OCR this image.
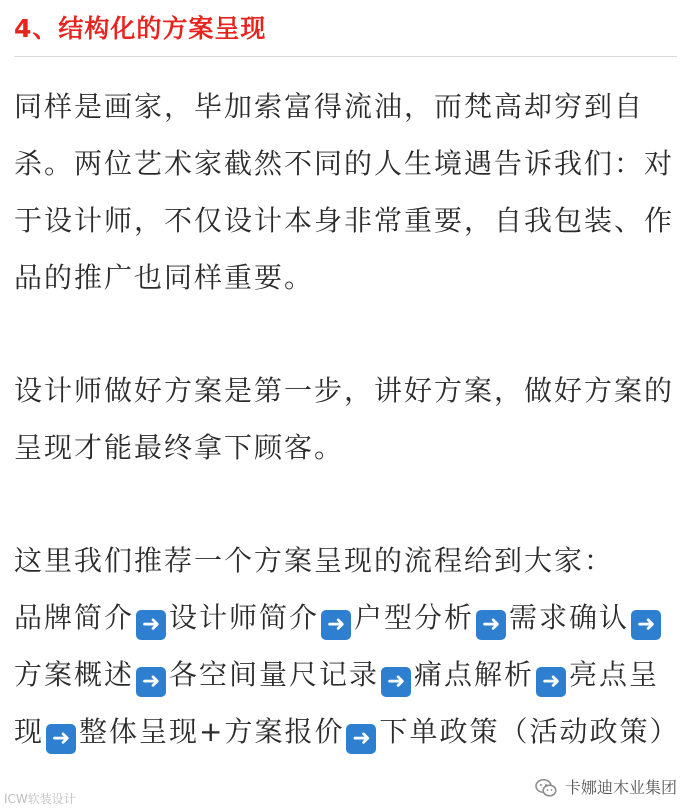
4、结构化的方案呈现

同样是画家，毕加索富得流油，而梵高却穷到自杀。两位艺术家截然不同的人生境遇告诉我们：对于设计师，不仅设计本身非常重要，自我包装、作品的推广也同样重要。

设计师做好方案是第一步，讲好方案，做好方案的呈现才能最终拿下顾客。

这里我们推荐一个方案呈现的流程给到大家：

品牌简介 ➜ 设计师简介 ➜ 户型分析 ➜ 需求确认 ➜方案概述 ➜ 各空间量尺记录 ➜ 痛点解析 ➜ 亮点呈现 ➜ 整体呈现+方案报价 ➜ 下单政策（活动政策）
ICW软装设计
卡娜迪木业集团
